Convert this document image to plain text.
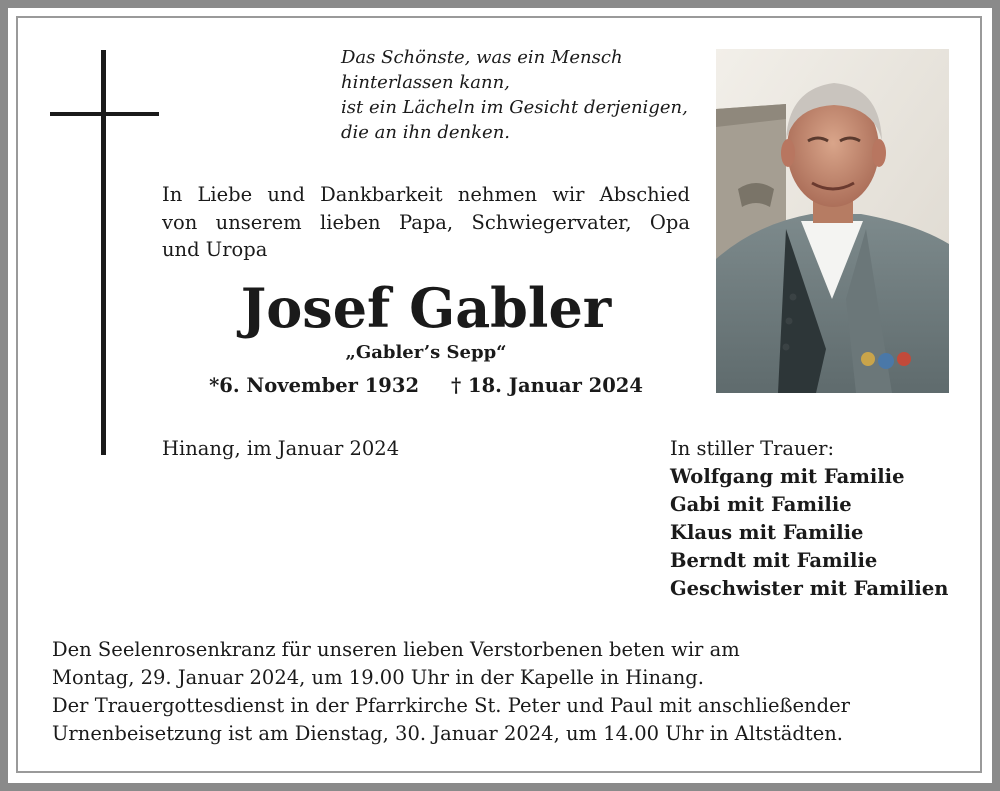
Das Schönste, was ein Mensch
hinterlassen kann,
ist ein Lächeln im Gesicht derjenigen,
die an ihn denken.
In Liebe und Dankbarkeit nehmen wir Abschied
von unserem lieben Papa, Schwiegervater, Opa
und Uropa
Josef Gabler
„Gabler’s Sepp“
*6. November 1932 † 18. Januar 2024
Hinang, im Januar 2024	In stiller Trauer:
Wolfgang mit Familie
Gabi mit Familie
Klaus mit Familie
Berndt mit Familie
Geschwister mit Familien
Den Seelenrosenkranz für unseren lieben Verstorbenen beten wir am
Montag, 29. Januar 2024, um 19.00 Uhr in der Kapelle in Hinang.
Der Trauergottesdienst in der Pfarrkirche St. Peter und Paul mit anschließender
Urnenbeisetzung ist am Dienstag, 30. Januar 2024, um 14.00 Uhr in Altstädten.
